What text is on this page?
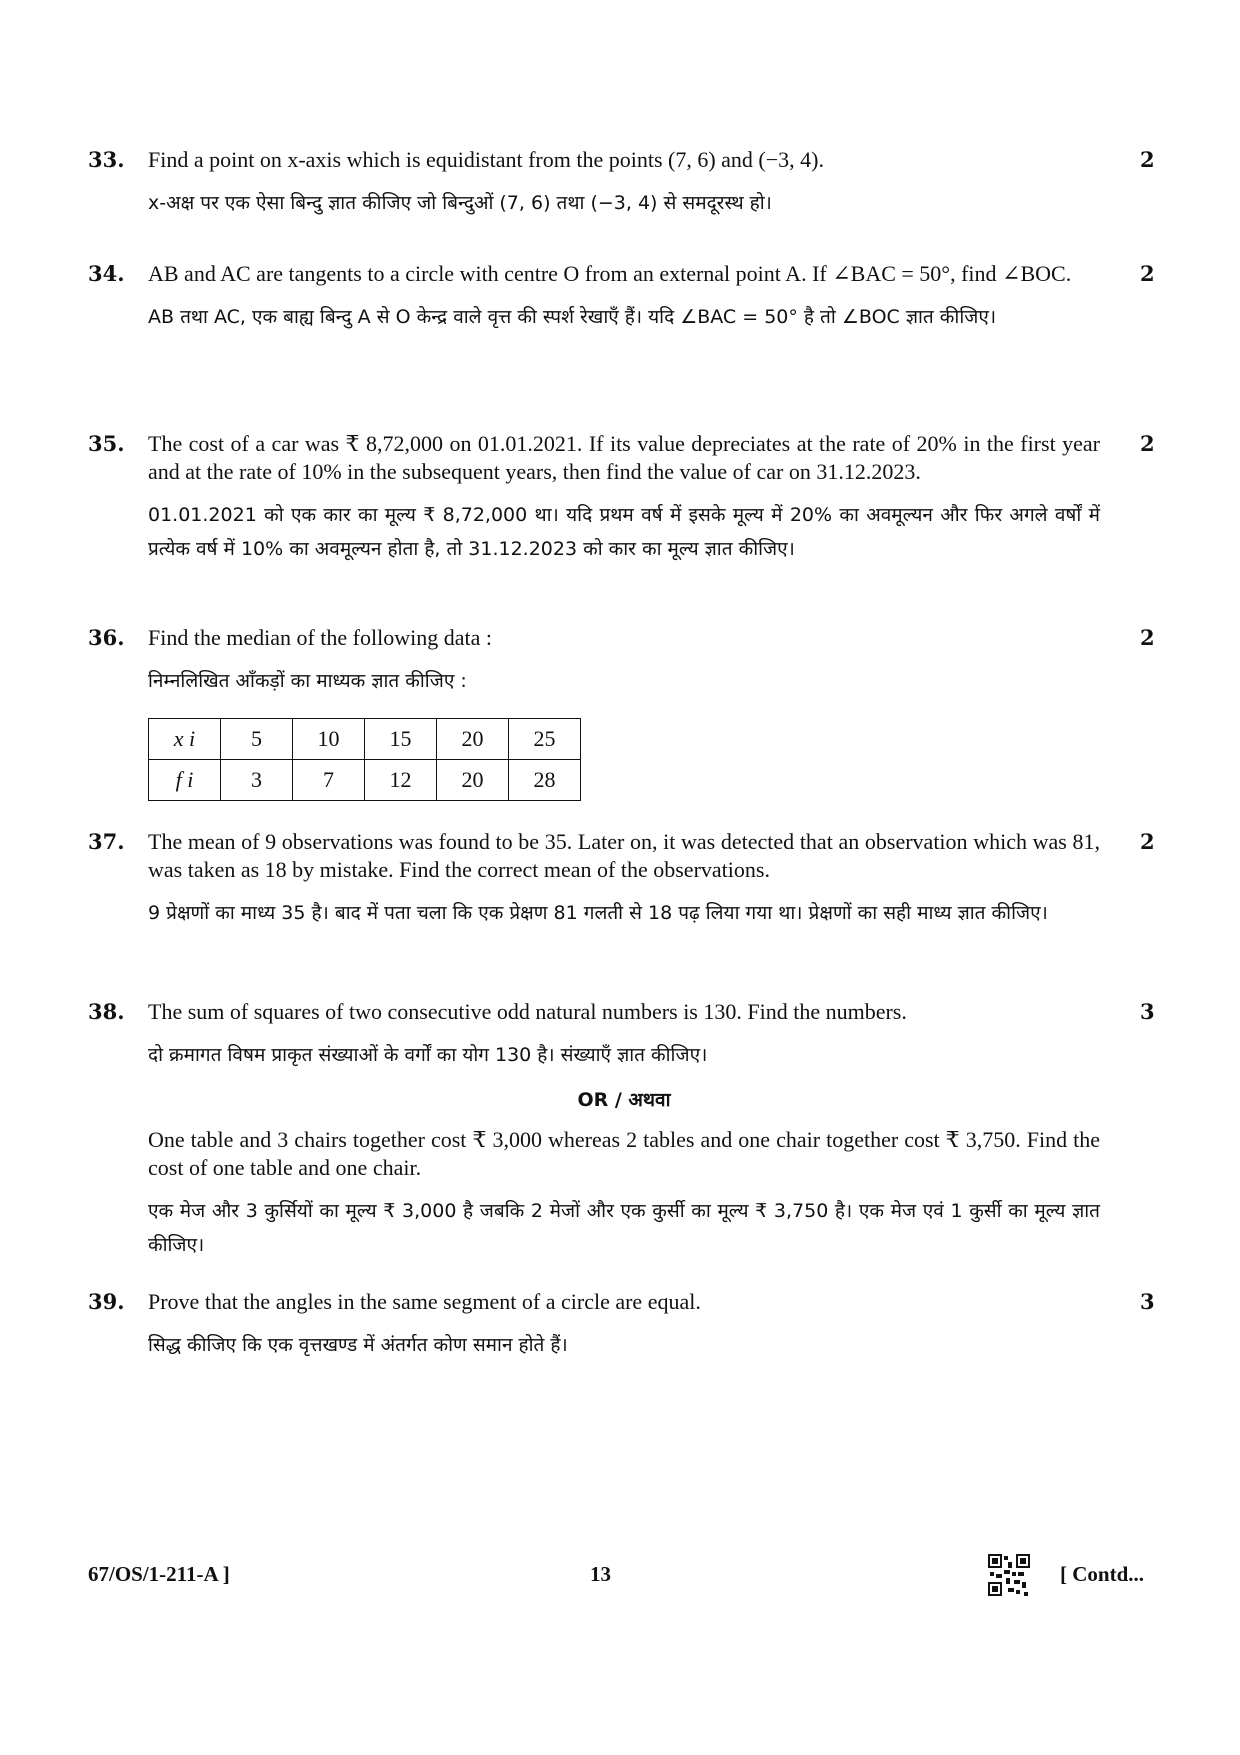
33. Find a point on x-axis which is equidistant from the points (7, 6) and (−3, 4).

x-अक्ष पर एक ऐसा बिन्दु ज्ञात कीजिए जो बिन्दुओं (7, 6) तथा (−3, 4) से समदूरस्थ हो।

2
34. AB and AC are tangents to a circle with centre O from an external point A. If ∠BAC = 50°, find ∠BOC.

AB तथा AC, एक बाह्य बिन्दु A से O केन्द्र वाले वृत्त की स्पर्श रेखाएँ हैं। यदि ∠BAC = 50° है तो ∠BOC ज्ञात कीजिए।

2
35. The cost of a car was ₹ 8,72,000 on 01.01.2021. If its value depreciates at the rate of 20% in the first year and at the rate of 10% in the subsequent years, then find the value of car on 31.12.2023.

01.01.2021 को एक कार का मूल्य ₹ 8,72,000 था। यदि प्रथम वर्ष में इसके मूल्य में 20% का अवमूल्यन और फिर अगले वर्षों में प्रत्येक वर्ष में 10% का अवमूल्यन होता है, तो 31.12.2023 को कार का मूल्य ज्ञात कीजिए।

2
36. Find the median of the following data :

निम्नलिखित आँकड़ों का माध्यक ज्ञात कीजिए :

x i	5	10	15	20	25
f i	3	7	12	20	28
2
37. The mean of 9 observations was found to be 35. Later on, it was detected that an observation which was 81, was taken as 18 by mistake. Find the correct mean of the observations.

9 प्रेक्षणों का माध्य 35 है। बाद में पता चला कि एक प्रेक्षण 81 गलती से 18 पढ़ लिया गया था। प्रेक्षणों का सही माध्य ज्ञात कीजिए।

2
38. The sum of squares of two consecutive odd natural numbers is 130. Find the numbers.

दो क्रमागत विषम प्राकृत संख्याओं के वर्गों का योग 130 है। संख्याएँ ज्ञात कीजिए।

OR / अथवा

One table and 3 chairs together cost ₹ 3,000 whereas 2 tables and one chair together cost ₹ 3,750. Find the cost of one table and one chair.

एक मेज और 3 कुर्सियों का मूल्य ₹ 3,000 है जबकि 2 मेजों और एक कुर्सी का मूल्य ₹ 3,750 है। एक मेज एवं 1 कुर्सी का मूल्य ज्ञात कीजिए।

3
39. Prove that the angles in the same segment of a circle are equal.

सिद्ध कीजिए कि एक वृत्तखण्ड में अंतर्गत कोण समान होते हैं।

3
67/OS/1-211-A ]	13	[ Contd...
